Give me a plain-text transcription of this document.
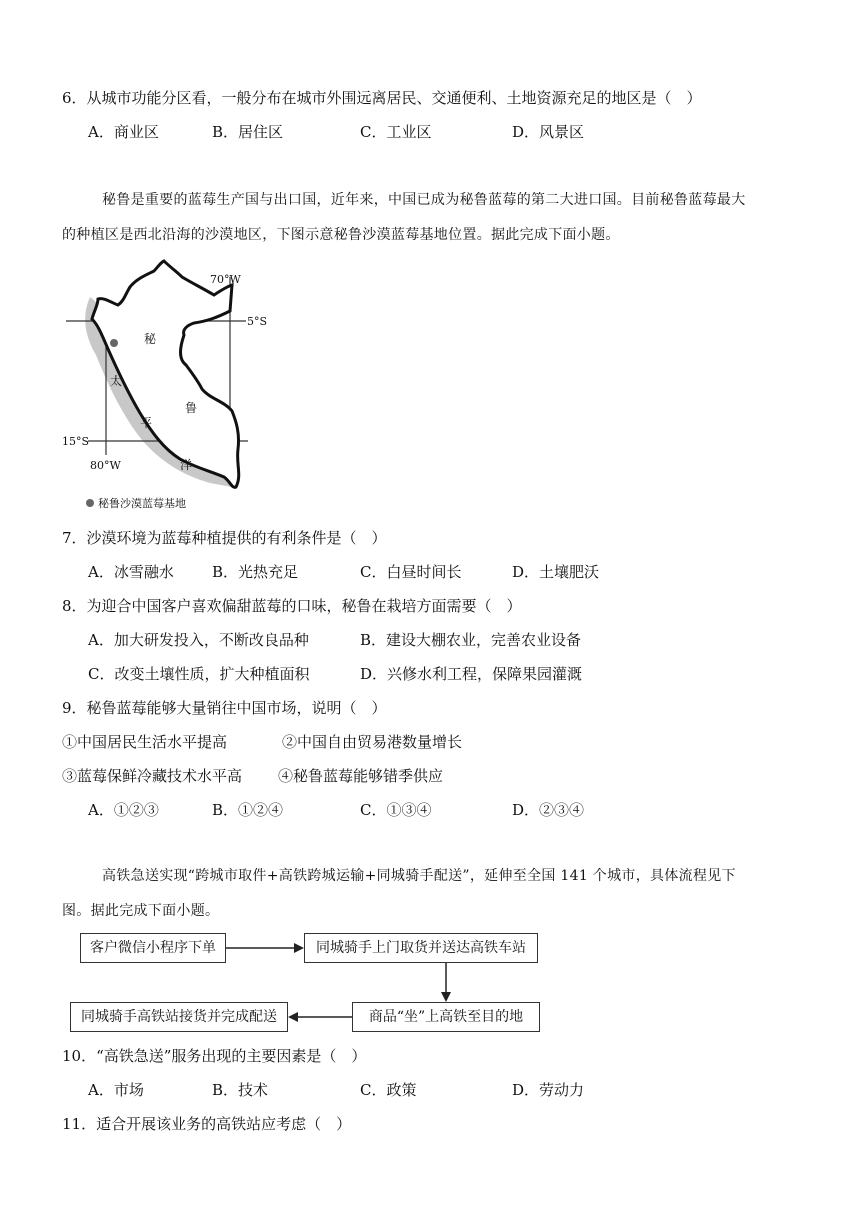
6．从城市功能分区看，一般分布在城市外围远离居民、交通便利、土地资源充足的地区是（　）
A．商业区	B．居住区	C．工业区	D．风景区
秘鲁是重要的蓝莓生产国与出口国，近年来，中国已成为秘鲁蓝莓的第二大进口国。目前秘鲁蓝莓最大
的种植区是西北沿海的沙漠地区，下图示意秘鲁沙漠蓝莓基地位置。据此完成下面小题。
70°W
5°S
15°S
80°W
秘
鲁
太
平
洋
秘鲁沙漠蓝莓基地
7．沙漠环境为蓝莓种植提供的有利条件是（　）
A．冰雪融水	B．光热充足	C．白昼时间长	D．土壤肥沃
8．为迎合中国客户喜欢偏甜蓝莓的口味，秘鲁在栽培方面需要（　）
A．加大研发投入，不断改良品种	B．建设大棚农业，完善农业设备
C．改变土壤性质，扩大种植面积	D．兴修水利工程，保障果园灌溉
9．秘鲁蓝莓能够大量销往中国市场，说明（　）
①中国居民生活水平提高	②中国自由贸易港数量增长
③蓝莓保鲜冷藏技术水平高 ④秘鲁蓝莓能够错季供应
A．①②③	B．①②④	C．①③④	D．②③④
高铁急送实现“跨城市取件+高铁跨城运输+同城骑手配送”，延伸至全国 141 个城市，具体流程见下
图。据此完成下面小题。
客户微信小程序下单	同城骑手上门取货并送达高铁车站
商品“坐”上高铁至目的地
同城骑手高铁站接货并完成配送
10．“高铁急送”服务出现的主要因素是（　）
A．市场	B．技术	C．政策	D．劳动力
11．适合开展该业务的高铁站应考虑（　）
